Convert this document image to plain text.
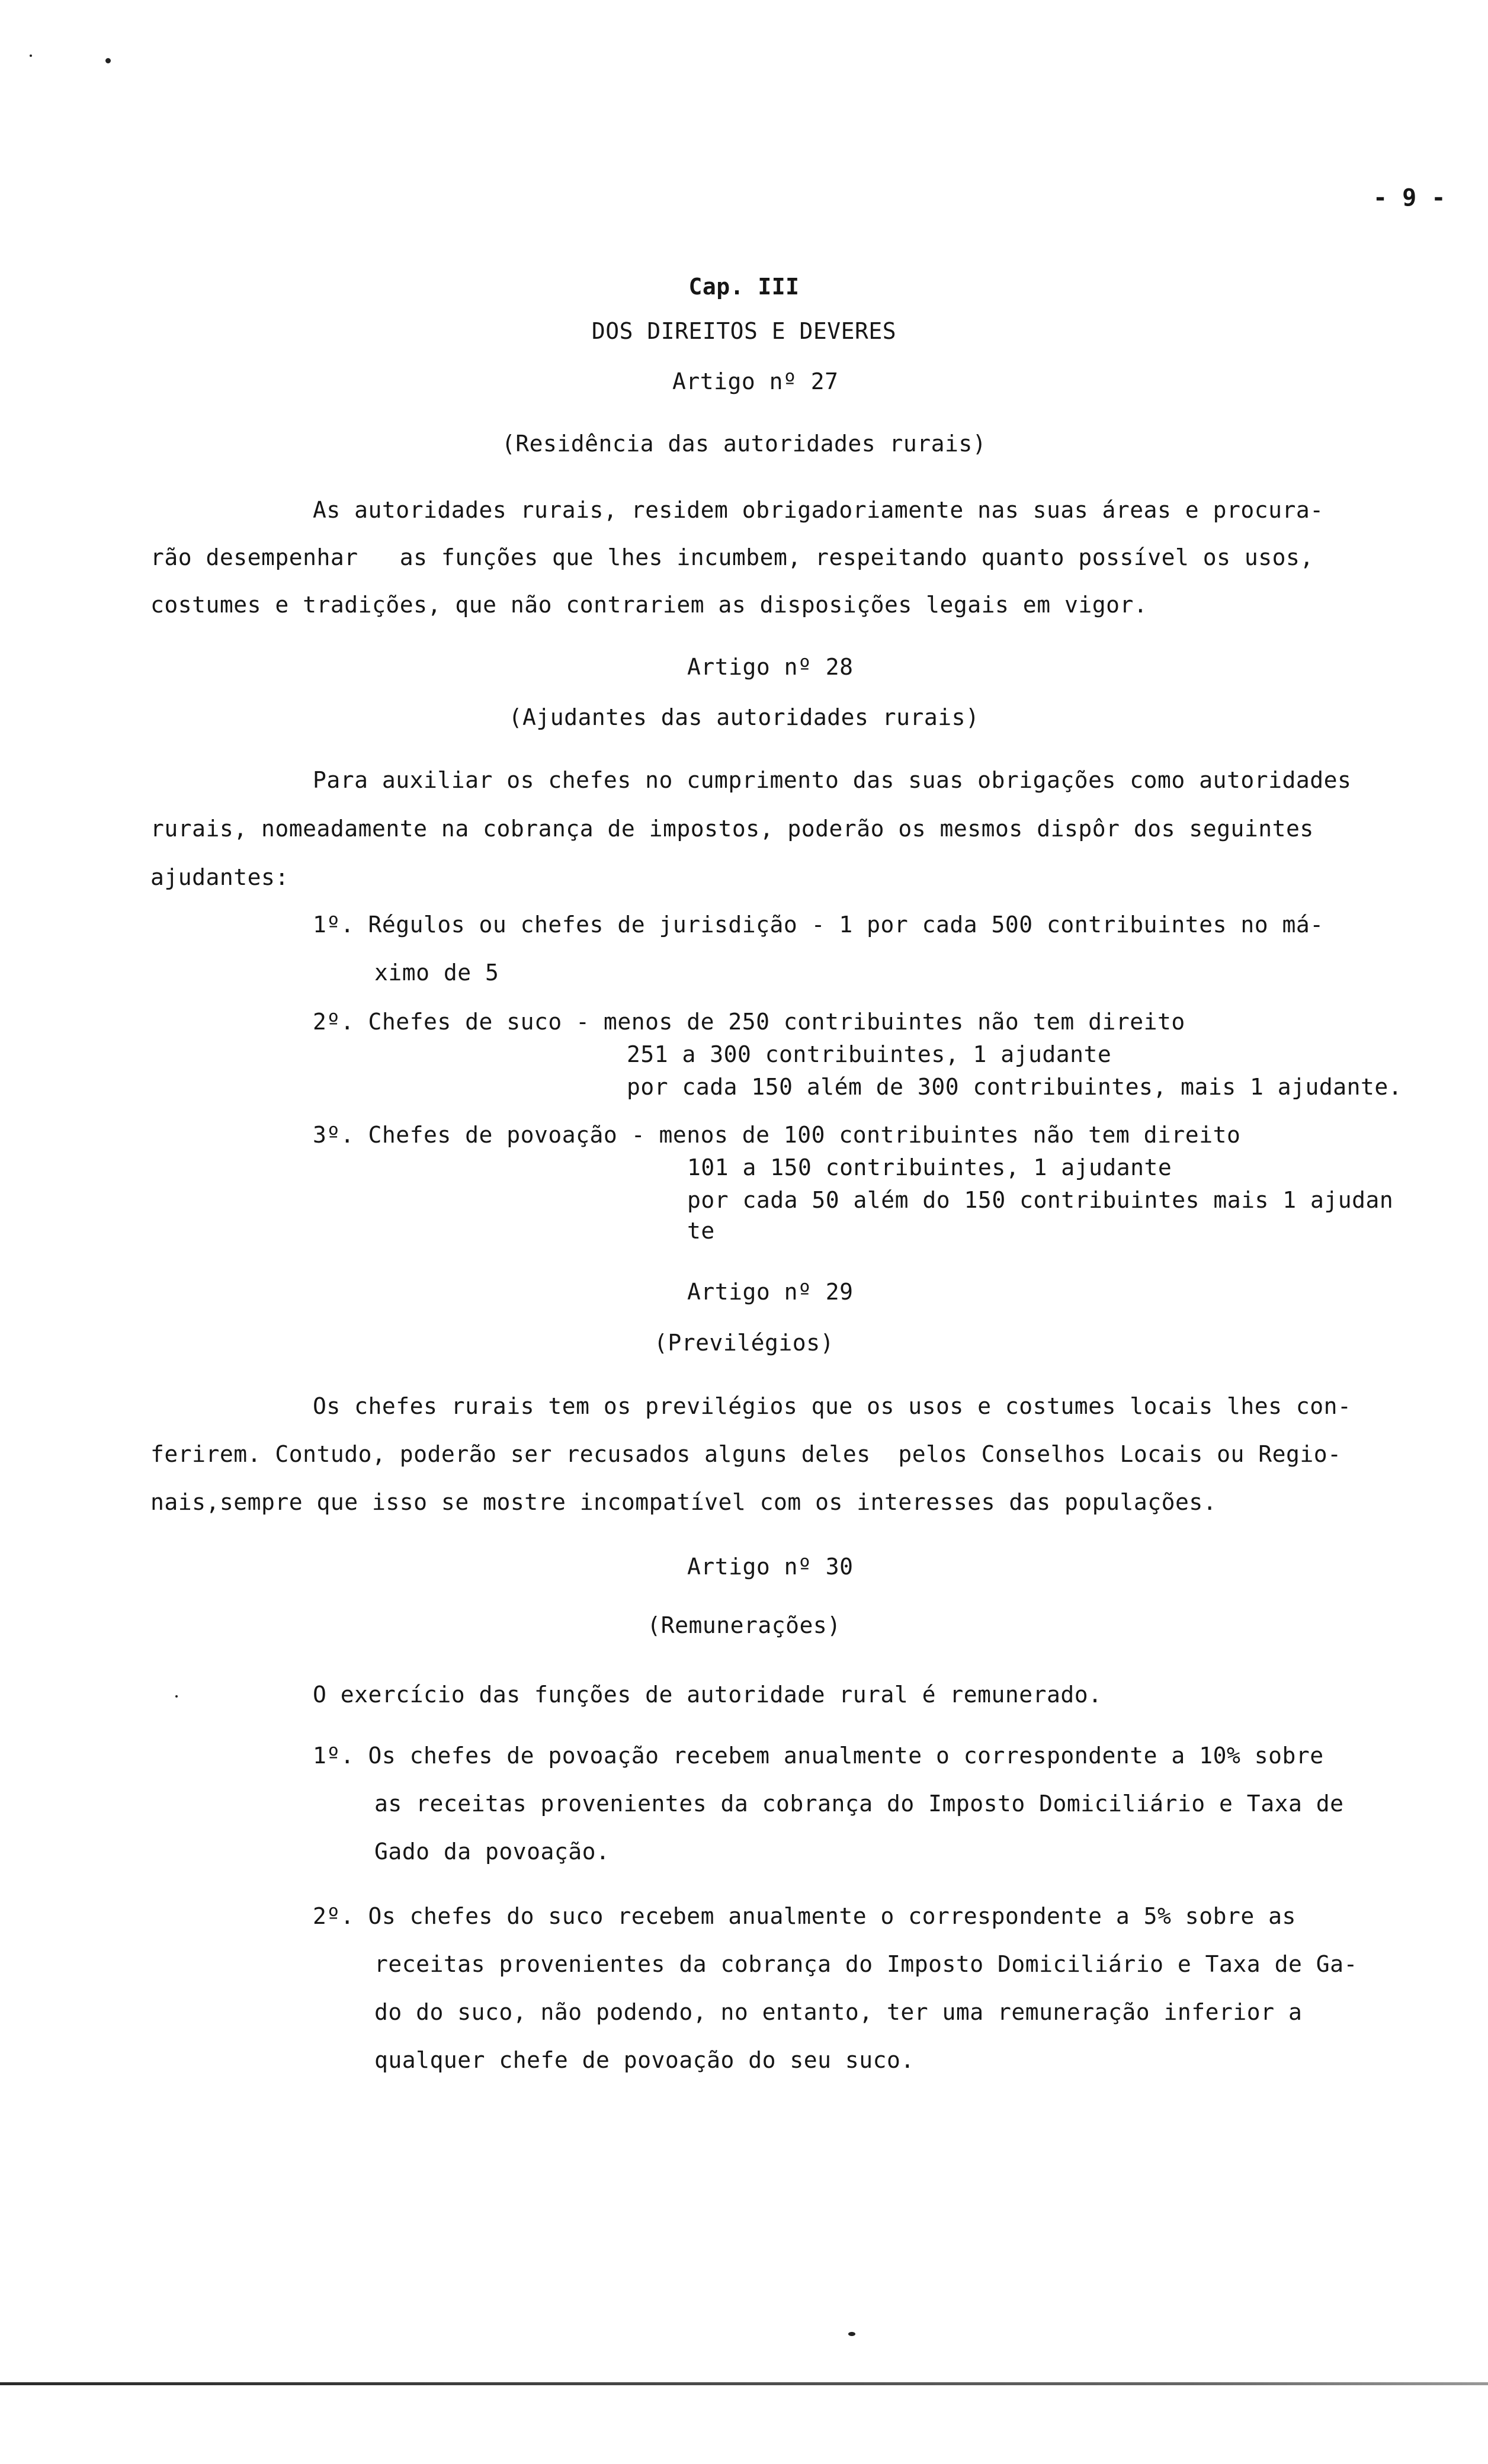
- 9 -
Cap. III
DOS DIREITOS E DEVERES
Artigo nº 27
(Residência das autoridades rurais)
As autoridades rurais, residem obrigadoriamente nas suas áreas e procura-
rão desempenhar   as funções que lhes incumbem, respeitando quanto possível os usos,
costumes e tradições, que não contrariem as disposições legais em vigor.
Artigo nº 28
(Ajudantes das autoridades rurais)
Para auxiliar os chefes no cumprimento das suas obrigações como autoridades
rurais, nomeadamente na cobrança de impostos, poderão os mesmos dispôr dos seguintes
ajudantes:
1º. Régulos ou chefes de jurisdição - 1 por cada 500 contribuintes no má-
ximo de 5
2º. Chefes de suco - menos de 250 contribuintes não tem direito
251 a 300 contribuintes, 1 ajudante
por cada 150 além de 300 contribuintes, mais 1 ajudante.
3º. Chefes de povoação - menos de 100 contribuintes não tem direito
101 a 150 contribuintes, 1 ajudante
por cada 50 além do 150 contribuintes mais 1 ajudan
te
Artigo nº 29
(Previlégios)
Os chefes rurais tem os previlégios que os usos e costumes locais lhes con-
ferirem. Contudo, poderão ser recusados alguns deles  pelos Conselhos Locais ou Regio-
nais,sempre que isso se mostre incompatível com os interesses das populações.
Artigo nº 30
(Remunerações)
O exercício das funções de autoridade rural é remunerado.
1º. Os chefes de povoação recebem anualmente o correspondente a 10% sobre
as receitas provenientes da cobrança do Imposto Domiciliário e Taxa de
Gado da povoação.
2º. Os chefes do suco recebem anualmente o correspondente a 5% sobre as
receitas provenientes da cobrança do Imposto Domiciliário e Taxa de Ga-
do do suco, não podendo, no entanto, ter uma remuneração inferior a
qualquer chefe de povoação do seu suco.
